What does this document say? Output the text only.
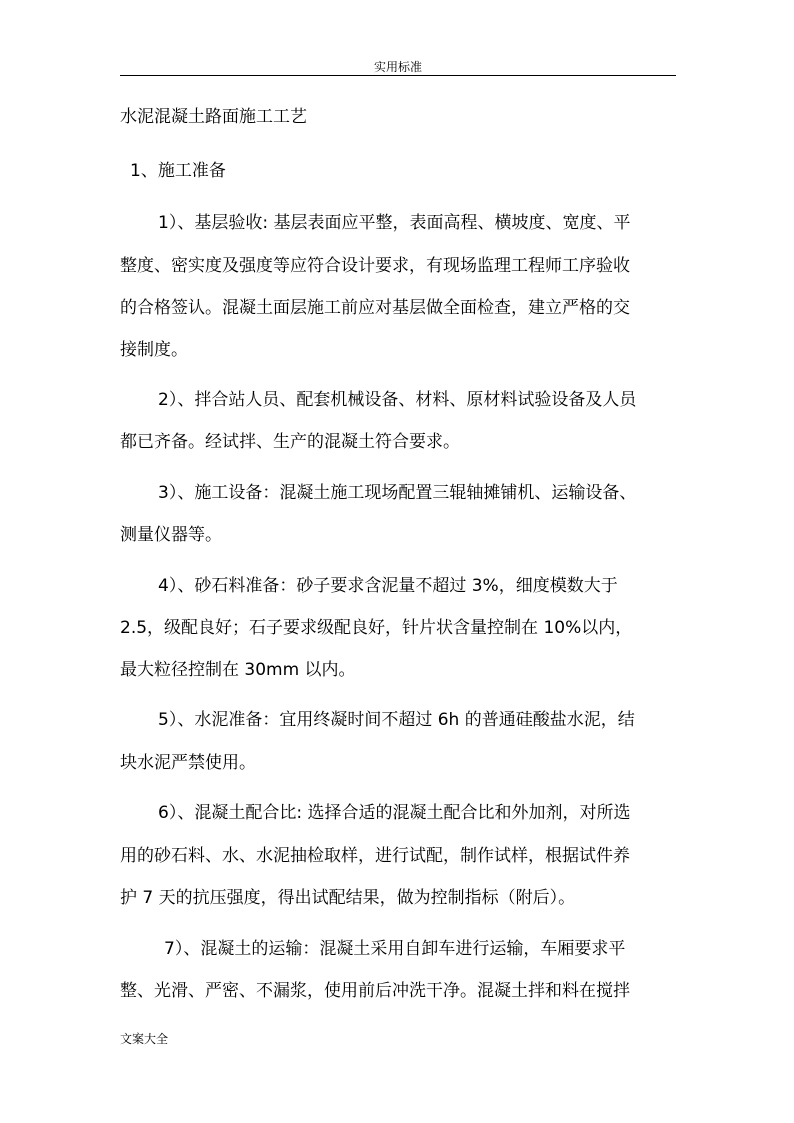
实用标准
水泥混凝土路面施工工艺
1、施工准备
1）、基层验收: 基层表面应平整，表面高程、横坡度、宽度、平
整度、密实度及强度等应符合设计要求，有现场监理工程师工序验收
的合格签认。混凝土面层施工前应对基层做全面检查，建立严格的交
接制度。
2）、拌合站人员、配套机械设备、材料、原材料试验设备及人员
都已齐备。经试拌、生产的混凝土符合要求。
3）、施工设备：混凝土施工现场配置三辊轴摊铺机、运输设备、
测量仪器等。
4）、砂石料准备：砂子要求含泥量不超过 3%，细度模数大于
2.5，级配良好；石子要求级配良好，针片状含量控制在 10%以内，
最大粒径控制在 30mm 以内。
5）、水泥准备：宜用终凝时间不超过 6h 的普通硅酸盐水泥，结
块水泥严禁使用。
6）、混凝土配合比: 选择合适的混凝土配合比和外加剂，对所选
用的砂石料、水、水泥抽检取样，进行试配，制作试样，根据试件养
护 7 天的抗压强度，得出试配结果，做为控制指标（附后）。
7）、混凝土的运输：混凝土采用自卸车进行运输，车厢要求平
整、光滑、严密、不漏浆，使用前后冲洗干净。混凝土拌和料在搅拌
文案大全
